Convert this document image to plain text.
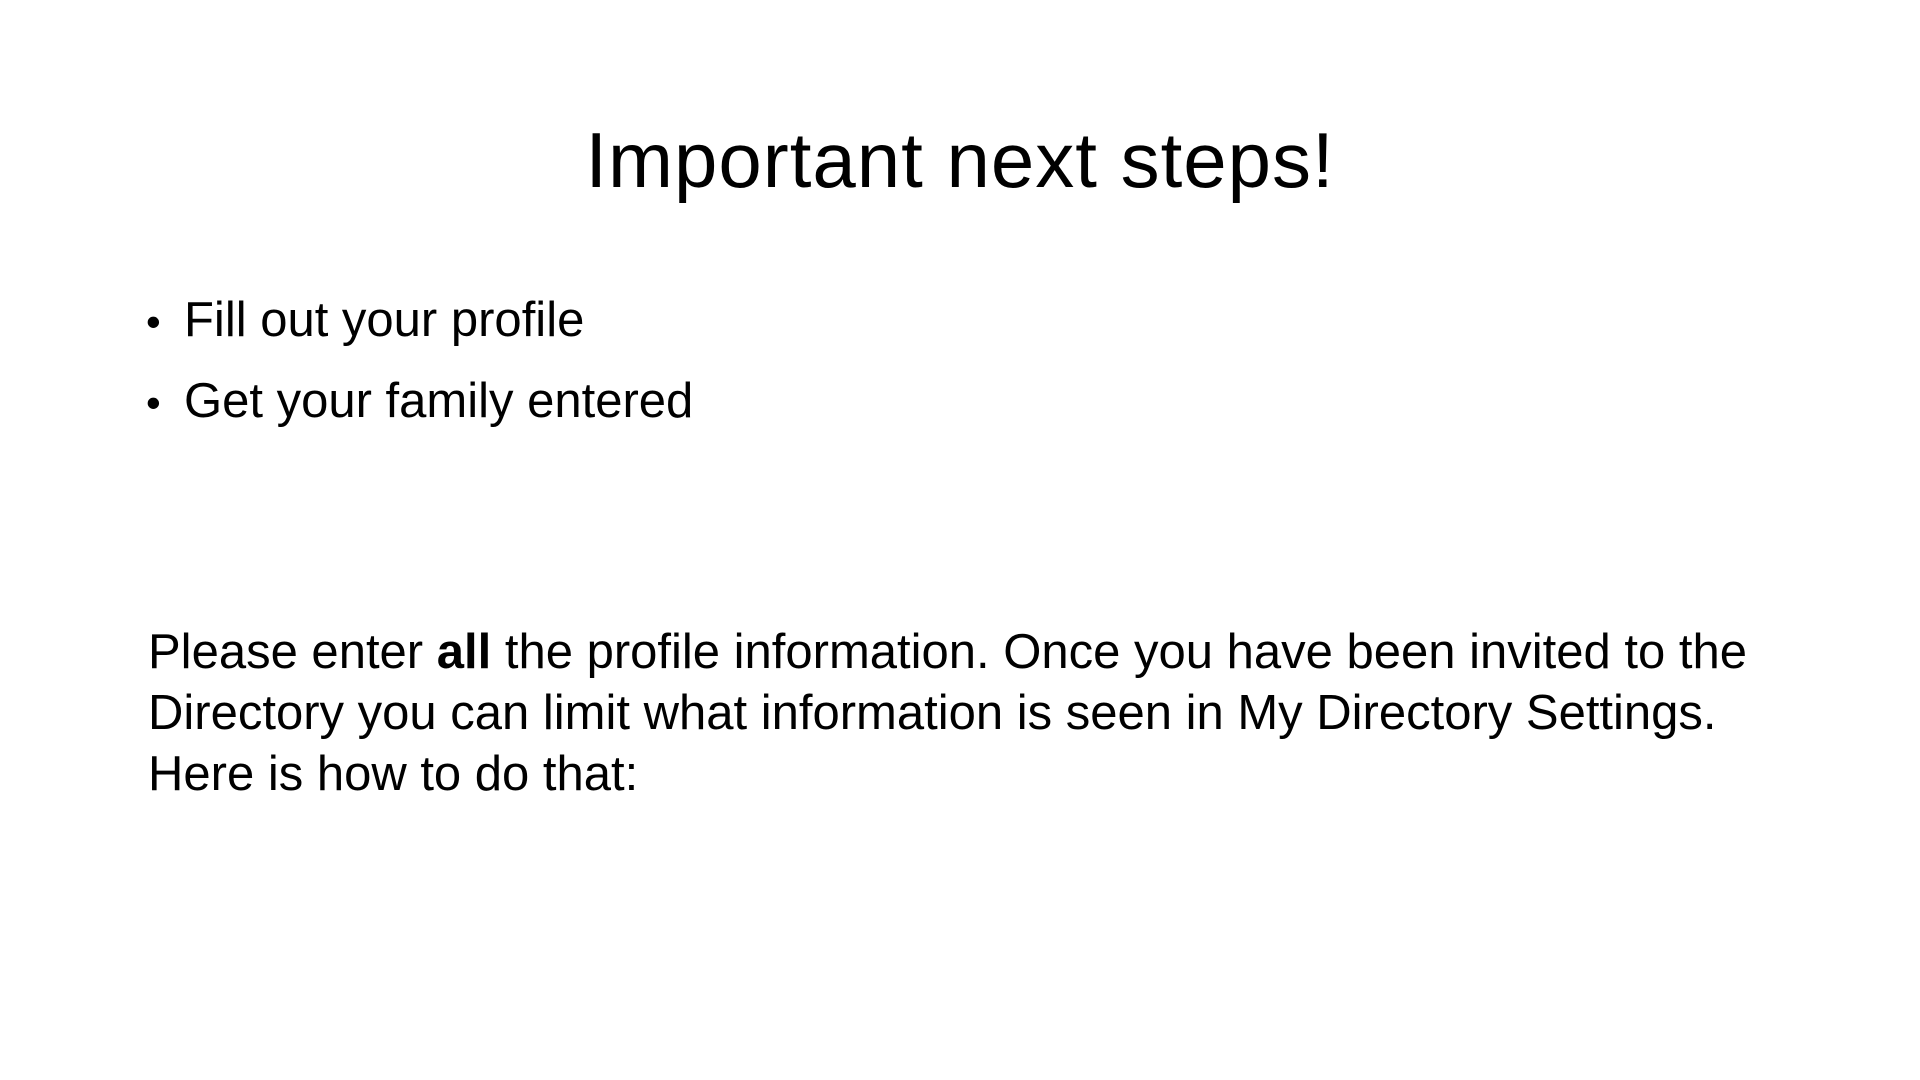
Important next steps!
• Fill out your profile
• Get your family entered

Please enter all the profile information. Once you have been invited to the Directory you can limit what information is seen in My Directory Settings. Here is how to do that:
